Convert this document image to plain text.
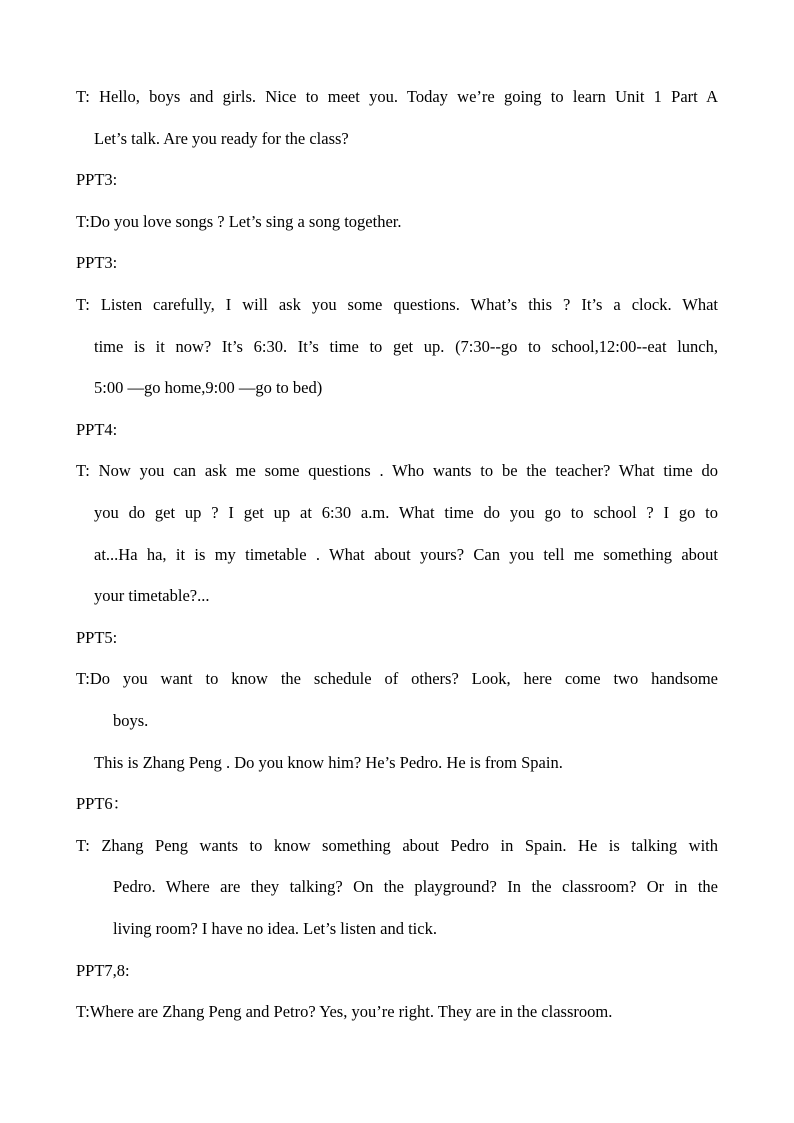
T: Hello, boys and girls. Nice to meet you. Today we’re going to learn Unit 1 Part A
Let’s talk. Are you ready for the class?
PPT3:
T:Do you love songs ? Let’s sing a song together.
PPT3:
T: Listen carefully, I will ask you some questions. What’s this ? It’s a clock. What
time is it now? It’s 6:30. It’s time to get up. (7:30--go to school,12:00--eat lunch,
5:00 —go home,9:00 —go to bed)
PPT4:
T: Now you can ask me some questions . Who wants to be the teacher? What time do
you do get up ? I get up at 6:30 a.m. What time do you go to school ? I go to
at...Ha ha, it is my timetable . What about yours? Can you tell me something about
your timetable?...
PPT5:
T:Do you want to know the schedule of others? Look, here come two handsome
boys.
This is Zhang Peng . Do you know him? He’s Pedro. He is from Spain.
PPT6：
T: Zhang Peng wants to know something about Pedro in Spain. He is talking with
Pedro. Where are they talking? On the playground? In the classroom? Or in the
living room? I have no idea. Let’s listen and tick.
PPT7,8:
T:Where are Zhang Peng and Petro? Yes, you’re right. They are in the classroom.
